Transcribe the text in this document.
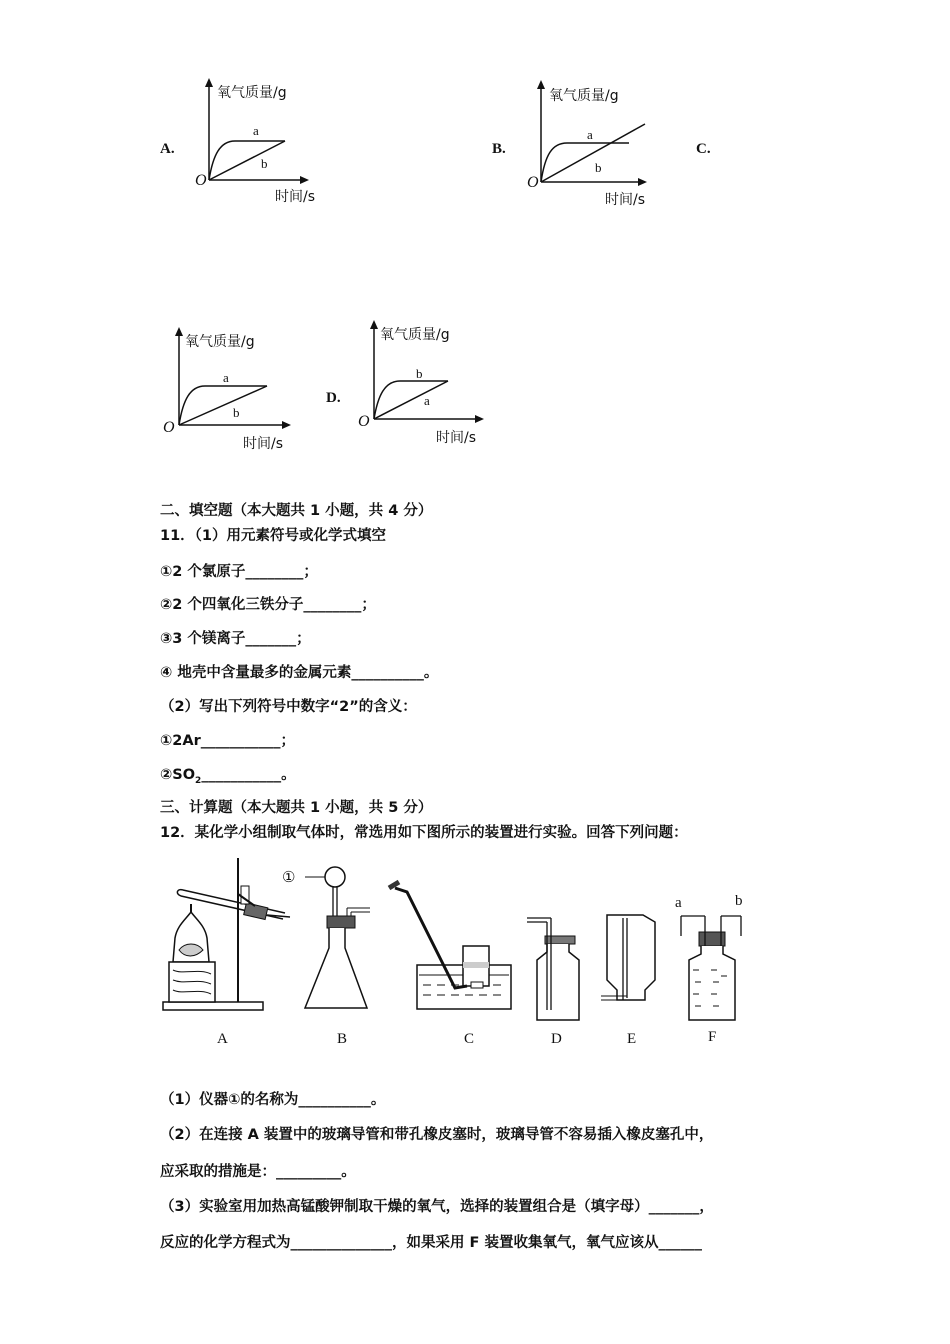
A.
氧气质量/g
时间/s
O
a
b
B.
氧气质量/g
时间/s
O
a
b
C.
氧气质量/g
时间/s
O
a
b
D.
氧气质量/g
时间/s
O
b
a
二、填空题（本大题共 1 小题，共 4 分）
11．（1）用元素符号或化学式填空
①2 个氯原子________；
②2 个四氧化三铁分子________；
③3 个镁离子_______；
④ 地壳中含量最多的金属元素__________。
（2）写出下列符号中数字“2”的含义：
①2Ar___________；
$②SO_2\_\_\_\_\_\_\_\_\_\_\_$。
三、计算题（本大题共 1 小题，共 5 分）
12．某化学小组制取气体时，常选用如下图所示的装置进行实验。回答下列问题：
①
a	b
A	B	C	D	E	F
（1）仪器①的名称为__________。
（2）在连接 A 装置中的玻璃导管和带孔橡皮塞时，玻璃导管不容易插入橡皮塞孔中，
应采取的措施是：_________。
（3）实验室用加热高锰酸钾制取干燥的氧气，选择的装置组合是（填字母）_______，
反应的化学方程式为______________，如果采用 F 装置收集氧气，氧气应该从______
